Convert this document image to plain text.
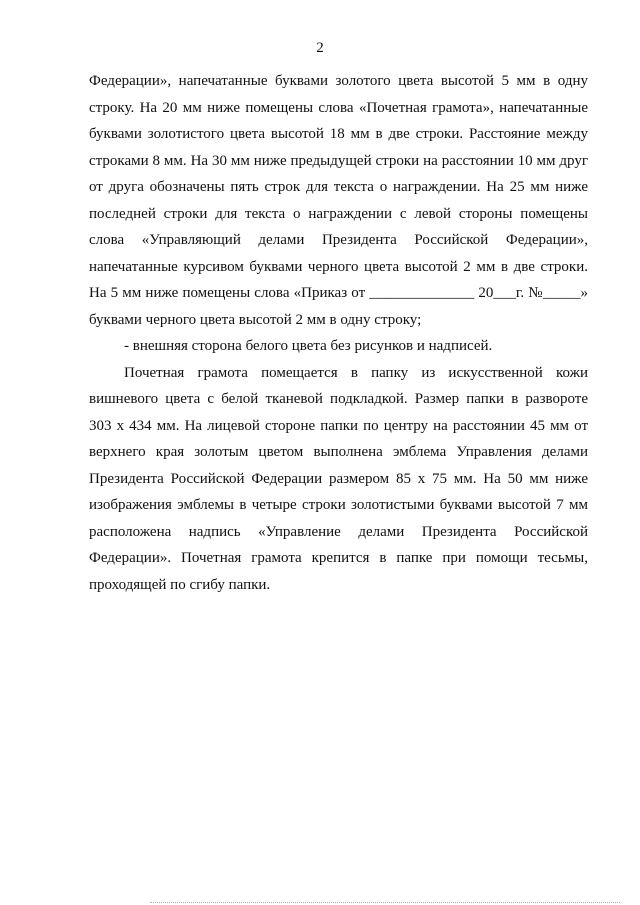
2
Федерации», напечатанные буквами золотого цвета высотой 5 мм в одну
строку. На 20 мм ниже помещены слова «Почетная грамота», напечатанные
буквами золотистого цвета высотой 18 мм в две строки. Расстояние между
строками 8 мм. На 30 мм ниже предыдущей строки на расстоянии 10 мм друг
от друга обозначены пять строк для текста о награждении. На 25 мм ниже
последней строки для текста о награждении с левой стороны помещены
слова «Управляющий делами Президента Российской Федерации»,
напечатанные курсивом буквами черного цвета высотой 2 мм в две строки.
На 5 мм ниже помещены слова «Приказ от ______________ 20___г. №_____»
буквами черного цвета высотой 2 мм в одну строку;
- внешняя сторона белого цвета без рисунков и надписей.
Почетная грамота помещается в папку из искусственной кожи
вишневого цвета с белой тканевой подкладкой. Размер папки в развороте
303 x 434 мм. На лицевой стороне папки по центру на расстоянии 45 мм от
верхнего края золотым цветом выполнена эмблема Управления делами
Президента Российской Федерации размером 85 x 75 мм. На 50 мм ниже
изображения эмблемы в четыре строки золотистыми буквами высотой 7 мм
расположена надпись «Управление делами Президента Российской
Федерации». Почетная грамота крепится в папке при помощи тесьмы,
проходящей по сгибу папки.
